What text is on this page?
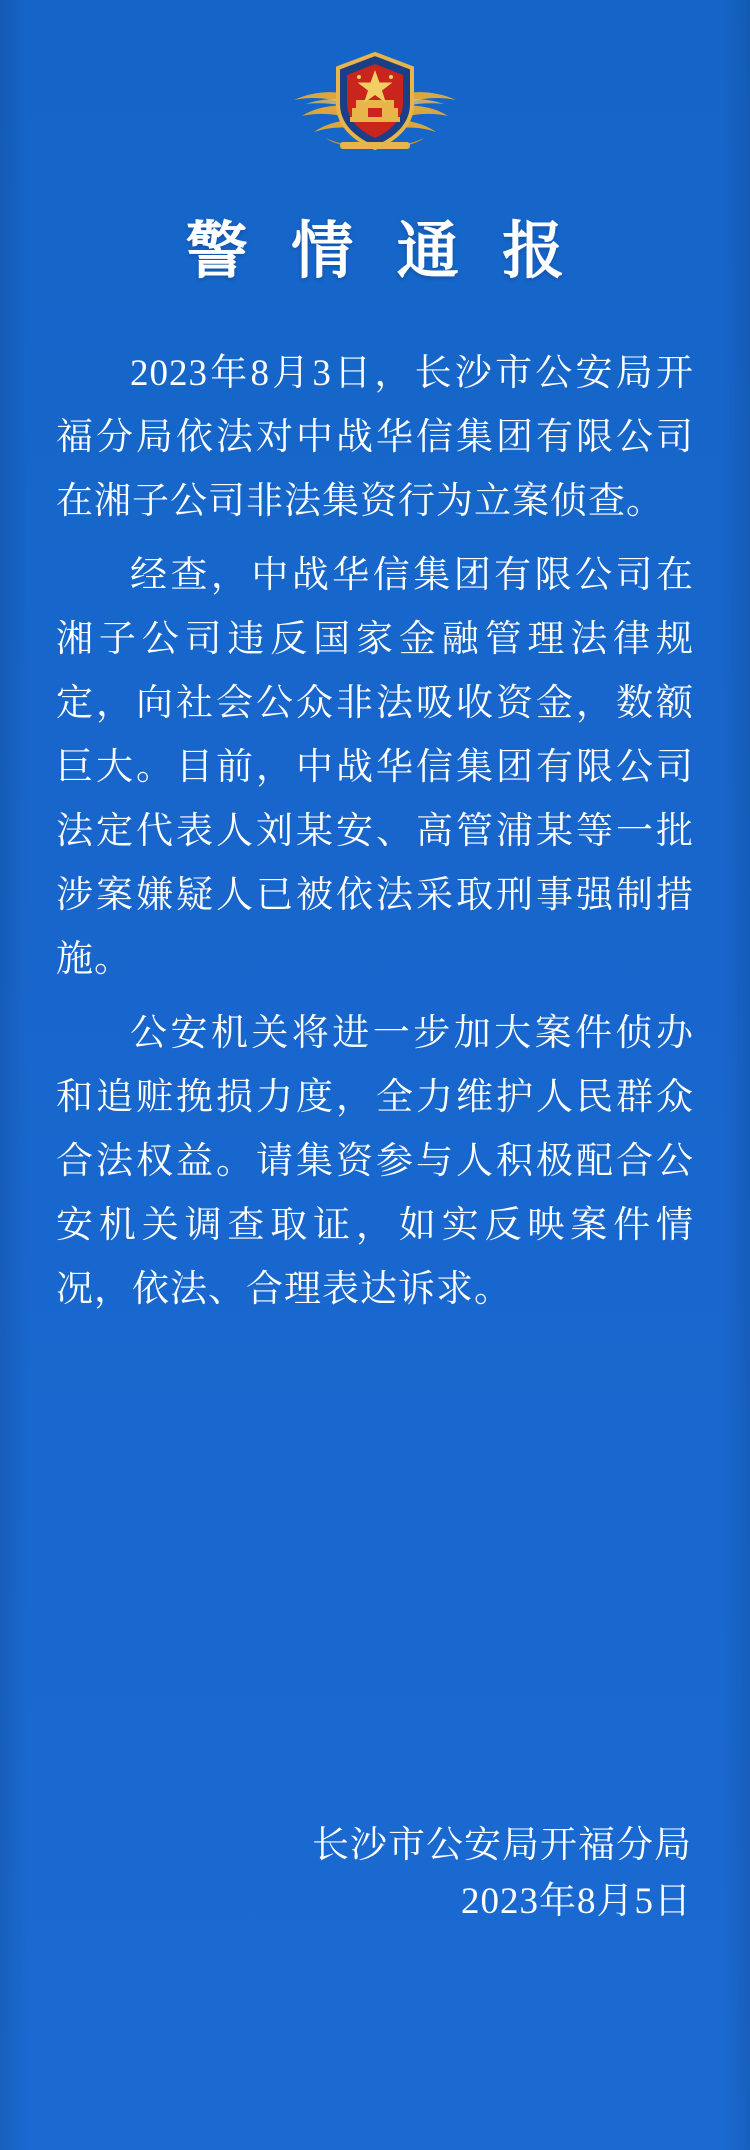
警 情 通 报

2023年8月3日，长沙市公安局开福分局依法对中战华信集团有限公司在湘子公司非法集资行为立案侦查。

经查，中战华信集团有限公司在湘子公司违反国家金融管理法律规定，向社会公众非法吸收资金，数额巨大。目前，中战华信集团有限公司法定代表人刘某安、高管浦某等一批涉案嫌疑人已被依法采取刑事强制措施。

公安机关将进一步加大案件侦办和追赃挽损力度，全力维护人民群众合法权益。请集资参与人积极配合公安机关调查取证，如实反映案件情况，依法、合理表达诉求。

长沙市公安局开福分局
2023年8月5日
